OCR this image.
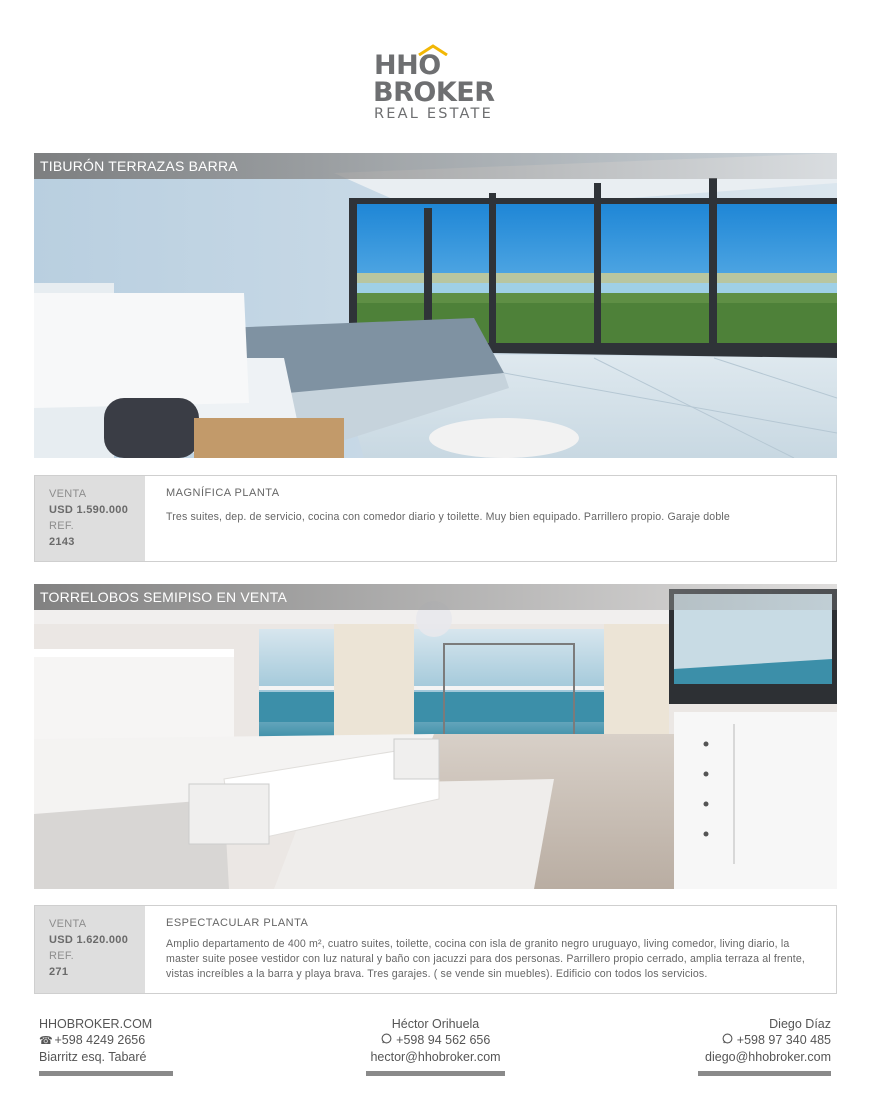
HHO
BROKER
REAL ESTATE
TIBURÓN TERRAZAS BARRA
VENTA
USD 1.590.000
REF.
2143
MAGNÍFICA PLANTA
Tres suites, dep. de servicio, cocina con comedor diario y toilette. Muy bien equipado. Parrillero propio. Garaje doble
TORRELOBOS SEMIPISO EN VENTA
VENTA
USD 1.620.000
REF.
271
ESPECTACULAR PLANTA
Amplio departamento de 400 m², cuatro suites, toilette, cocina con isla de granito negro uruguayo, living comedor, living diario, la master suite posee vestidor con luz natural y baño con jacuzzi para dos personas. Parrillero propio cerrado, amplia terraza al frente, vistas increíbles a la barra y playa brava. Tres garajes. ( se vende sin muebles). Edificio con todos los servicios.
HHOBROKER.COM
☎ +598 4249 2656
Biarritz esq. Tabaré
Héctor Orihuela
+598 94 562 656
hector@hhobroker.com
Diego Díaz
+598 97 340 485
diego@hhobroker.com
